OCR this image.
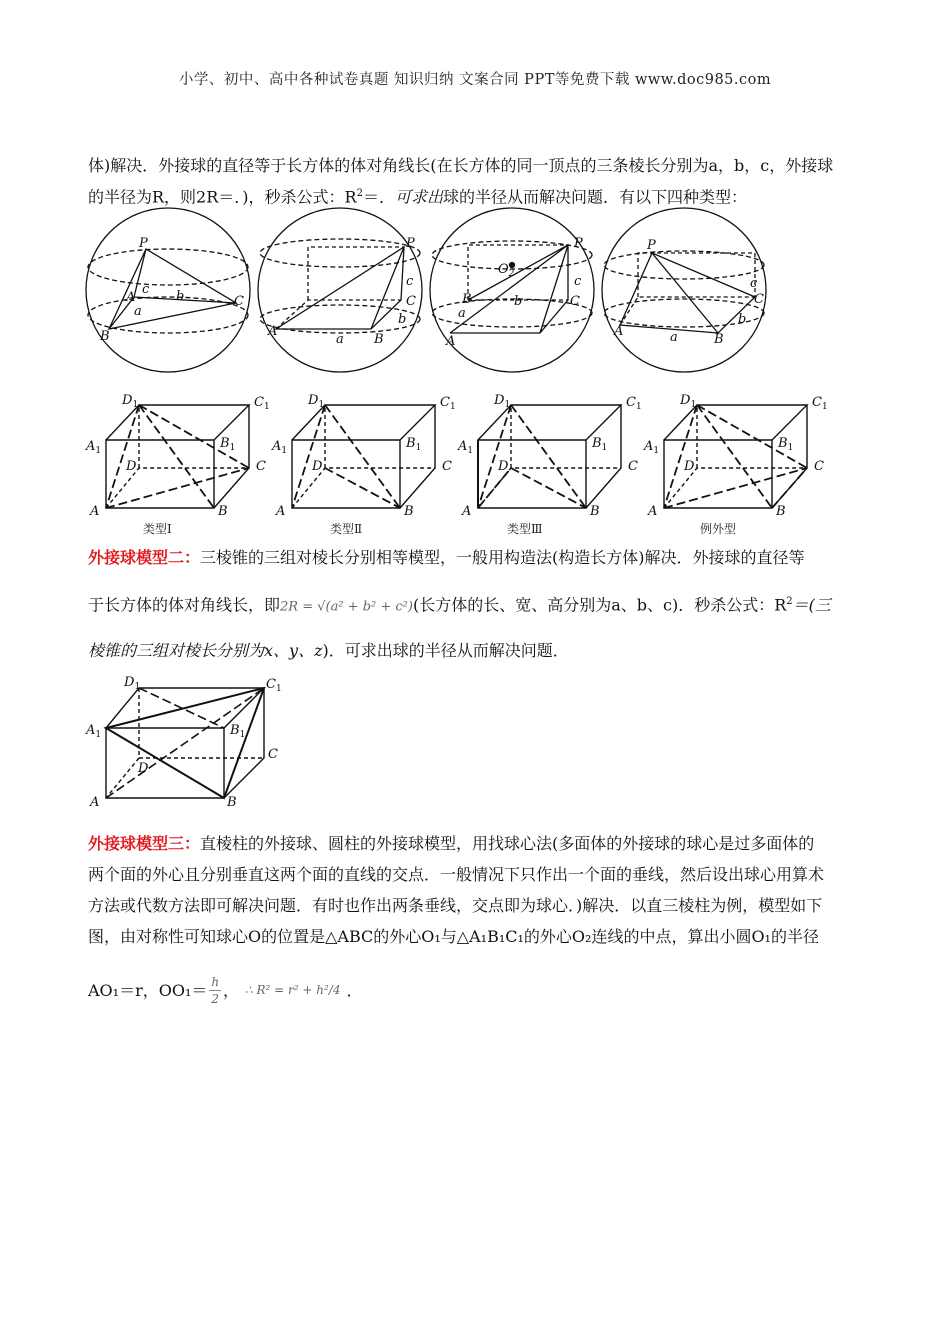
小学、初中、高中各种试卷真题 知识归纳 文案合同 PPT等免费下载 www.doc985.com
体)解决．外接球的直径等于长方体的体对角线长(在长方体的同一顶点的三条棱长分别为a，b，c，外接球
的半径为R，则2R＝．)，秒杀公式：$R^2=$．可求出球的半径从而解决问题．有以下四种类型：
P
A
B
C
c b
a
P
A
B
C
c
b
a
P
$O_2$
B
A
C
c
b
a
P
A
B
C
c
b
a
$D_1$	$C_1$
$A_1$	$B_1$
D	C
A	B
$D_1$	$C_1$
$A_1$	$B_1$
D	C
A	B
$D_1$	$C_1$
$A_1$	$B_1$
D	C
A	B
$D_1$	$C_1$
$A_1$	$B_1$
D	C
A	B
类型Ⅰ	类型Ⅱ	类型Ⅲ	例外型
外接球模型二：三棱锥的三组对棱长分别相等模型，一般用构造法(构造长方体)解决．外接球的直径等
于长方体的体对角线长，即2R = √(a² + b² + c²)(长方体的长、宽、高分别为a、b、c)．秒杀公式：$R^2=$(三
棱锥的三组对棱长分别为x、y、z)．可求出球的半径从而解决问题．
$D_1$	$C_1$
$A_1$	$B_1$
D
C
A	B
外接球模型三：直棱柱的外接球、圆柱的外接球模型，用找球心法(多面体的外接球的球心是过多面体的
两个面的外心且分别垂直这两个面的直线的交点．一般情况下只作出一个面的垂线，然后设出球心用算术
方法或代数方法即可解决问题．有时也作出两条垂线，交点即为球心．)解决．以直三棱柱为例，模型如下
图，由对称性可知球心O的位置是△ABC的外心O₁与△A₁B₁C₁的外心O₂连线的中点，算出小圆O₁的半径
AO₁＝r，OO₁＝ h
2 ， ∴ R² = r² + h²/4 ．
